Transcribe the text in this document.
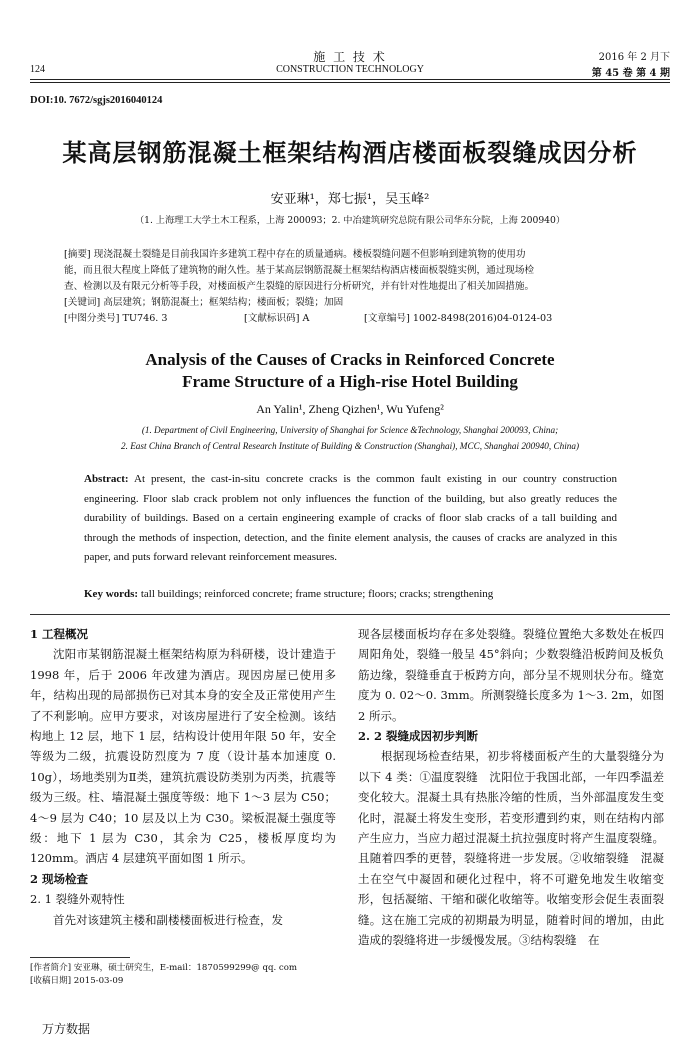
124
施 工 技 术
CONSTRUCTION TECHNOLOGY
2016 年 2 月下
第 45 卷 第 4 期
DOI:10. 7672/sgjs2016040124
某高层钢筋混凝土框架结构酒店楼面板裂缝成因分析
安亚琳¹，郑七振¹，吴玉峰²
（1. 上海理工大学土木工程系，上海 200093；2. 中冶建筑研究总院有限公司华东分院，上海 200940）
[摘要] 现浇混凝土裂缝是目前我国许多建筑工程中存在的质量通病。楼板裂缝问题不但影响到建筑物的使用功
能，而且很大程度上降低了建筑物的耐久性。基于某高层钢筋混凝土框架结构酒店楼面板裂缝实例，通过现场检
查、检测以及有限元分析等手段，对楼面板产生裂缝的原因进行分析研究，并有针对性地提出了相关加固措施。
[关键词] 高层建筑；钢筋混凝土；框架结构；楼面板；裂缝；加固
[中图分类号] TU746. 3	[文献标识码] A	[文章编号] 1002-8498(2016)04-0124-03
Analysis of the Causes of Cracks in Reinforced Concrete
Frame Structure of a High-rise Hotel Building
An Yalin¹, Zheng Qizhen¹, Wu Yufeng²
(1. Department of Civil Engineering, University of Shanghai for Science &Technology, Shanghai 200093, China;
2. East China Branch of Central Research Institute of Building & Construction (Shanghai), MCC, Shanghai 200940, China)
Abstract: At present, the cast-in-situ concrete cracks is the common fault existing in our country construction engineering. Floor slab crack problem not only influences the function of the building, but also greatly reduces the durability of buildings. Based on a certain engineering example of cracks of floor slab cracks of a tall building and through the methods of inspection, detection, and the finite element analysis, the causes of cracks are analyzed in this paper, and puts forward relevant reinforcement measures.
Key words: tall buildings; reinforced concrete; frame structure; floors; cracks; strengthening

1 工程概况

沈阳市某钢筋混凝土框架结构原为科研楼，设计建造于 1998 年，后于 2006 年改建为酒店。现因房屋已使用多年，结构出现的局部损伤已对其本身的安全及正常使用产生了不利影响。应甲方要求，对该房屋进行了安全检测。该结构地上 12 层，地下 1 层，结构设计使用年限 50 年，安全等级为二级，抗震设防烈度为 7 度（设计基本加速度 0. 10g），场地类别为Ⅱ类，建筑抗震设防类别为丙类，抗震等级为三级。柱、墙混凝土强度等级：地下 1～3 层为 C50；4～9 层为 C40；10 层及以上为 C30。梁板混凝土强度等级：地下 1 层为 C30，其余为 C25，楼板厚度均为 120mm。酒店 4 层建筑平面如图 1 所示。

2 现场检查

2. 1 裂缝外观特性

首先对该建筑主楼和副楼楼面板进行检查，发

现各层楼面板均存在多处裂缝。裂缝位置绝大多数处在板四周阳角处，裂缝一般呈 45°斜向；少数裂缝沿板跨间及板负筋边缘，裂缝垂直于板跨方向，部分呈不规则状分布。缝宽度为 0. 02～0. 3mm。所测裂缝长度多为 1～3. 2m，如图 2 所示。

2. 2 裂缝成因初步判断

根据现场检查结果，初步将楼面板产生的大量裂缝分为以下 4 类：①温度裂缝　沈阳位于我国北部，一年四季温差变化较大。混凝土具有热胀冷缩的性质，当外部温度发生变化时，混凝土将发生变形，若变形遭到约束，则在结构内部产生应力，当应力超过混凝土抗拉强度时将产生温度裂缝。且随着四季的更替，裂缝将进一步发展。②收缩裂缝　混凝土在空气中凝固和硬化过程中，将不可避免地发生收缩变形，包括凝缩、干缩和碳化收缩等。收缩变形会促生表面裂缝。这在施工完成的初期最为明显，随着时间的增加，由此造成的裂缝将进一步缓慢发展。③结构裂缝　在

[作者简介] 安亚琳，硕士研究生，E-mail：1870599299@ qq. com
[收稿日期] 2015-03-09
万方数据
